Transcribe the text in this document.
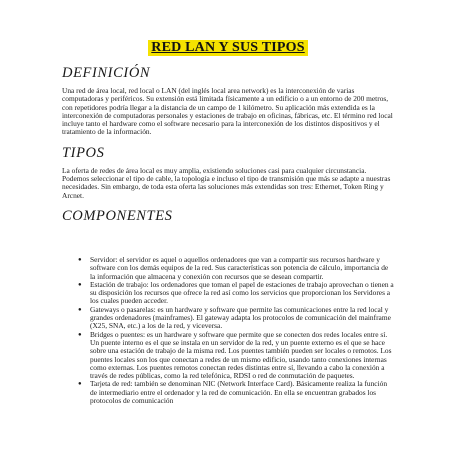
RED LAN Y SUS TIPOS
DEFINICIÓN

Una red de área local, red local o LAN (del inglés local area network) es la interconexión de varias computadoras y periféricos. Su extensión está limitada físicamente a un edificio o a un entorno de 200 metros, con repetidores podría llegar a la distancia de un campo de 1 kilómetro. Su aplicación más extendida es la interconexión de computadoras personales y estaciones de trabajo en oficinas, fábricas, etc. El término red local incluye tanto el hardware como el software necesario para la interconexión de los distintos dispositivos y el tratamiento de la información.

TIPOS

La oferta de redes de área local es muy amplia, existiendo soluciones casi para cualquier circunstancia. Podemos seleccionar el tipo de cable, la topología e incluso el tipo de transmisión que más se adapte a nuestras necesidades. Sin embargo, de toda esta oferta las soluciones más extendidas son tres: Ethernet, Token Ring y Arcnet.

COMPONENTES
● Servidor: el servidor es aquel o aquellos ordenadores que van a compartir sus recursos hardware y software con los demás equipos de la red. Sus características son potencia de cálculo, importancia de la información que almacena y conexión con recursos que se desean compartir.
● Estación de trabajo: los ordenadores que toman el papel de estaciones de trabajo aprovechan o tienen a su disposición los recursos que ofrece la red así como los servicios que proporcionan los Servidores a los cuales pueden acceder.
● Gateways o pasarelas: es un hardware y software que permite las comunicaciones entre la red local y grandes ordenadores (mainframes). El gateway adapta los protocolos de comunicación del mainframe (X25, SNA, etc.) a los de la red, y viceversa.
● Bridges o puentes: es un hardware y software que permite que se conecten dos redes locales entre sí. Un puente interno es el que se instala en un servidor de la red, y un puente externo es el que se hace sobre una estación de trabajo de la misma red. Los puentes también pueden ser locales o remotos. Los puentes locales son los que conectan a redes de un mismo edificio, usando tanto conexiones internas como externas. Los puentes remotos conectan redes distintas entre sí, llevando a cabo la conexión a través de redes públicas, como la red telefónica, RDSI o red de conmutación de paquetes.
● Tarjeta de red: también se denominan NIC (Network Interface Card). Básicamente realiza la función de intermediario entre el ordenador y la red de comunicación. En ella se encuentran grabados los protocolos de comunicación
